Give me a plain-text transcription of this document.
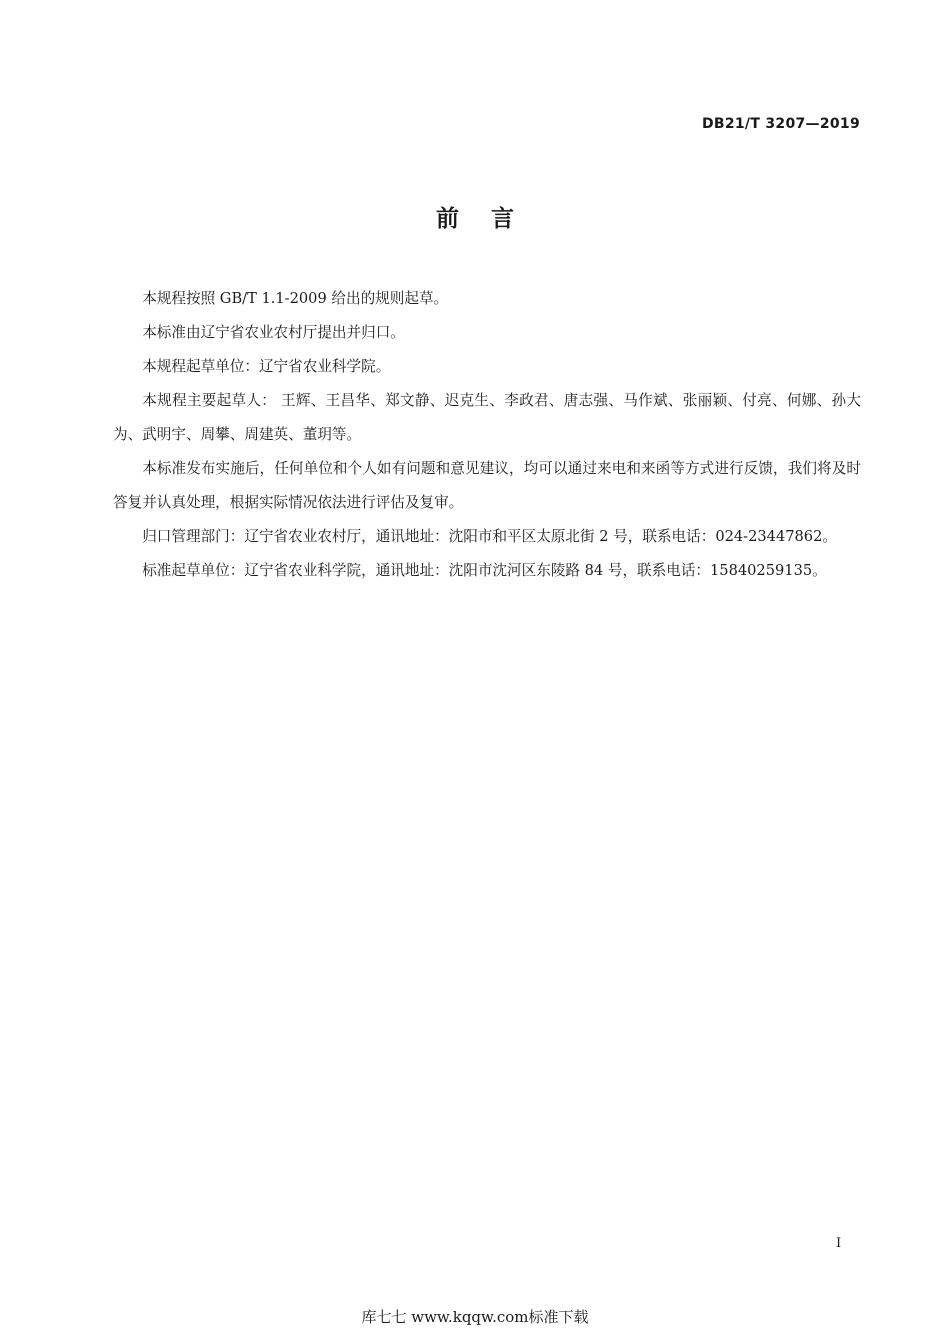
DB21/T 3207—2019
前言

本规程按照 GB/T 1.1-2009 给出的规则起草。

本标准由辽宁省农业农村厅提出并归口。

本规程起草单位：辽宁省农业科学院。

本规程主要起草人： 王辉、王昌华、郑文静、迟克生、李政君、唐志强、马作斌、张丽颖、付亮、何娜、孙大为、武明宇、周攀、周建英、董玥等。

本标准发布实施后，任何单位和个人如有问题和意见建议，均可以通过来电和来函等方式进行反馈，我们将及时答复并认真处理，根据实际情况依法进行评估及复审。

归口管理部门：辽宁省农业农村厅，通讯地址：沈阳市和平区太原北街 2 号，联系电话：024-23447862。

标准起草单位：辽宁省农业科学院，通讯地址：沈阳市沈河区东陵路 84 号，联系电话：15840259135。

I
库七七 www.kqqw.com标准下载
